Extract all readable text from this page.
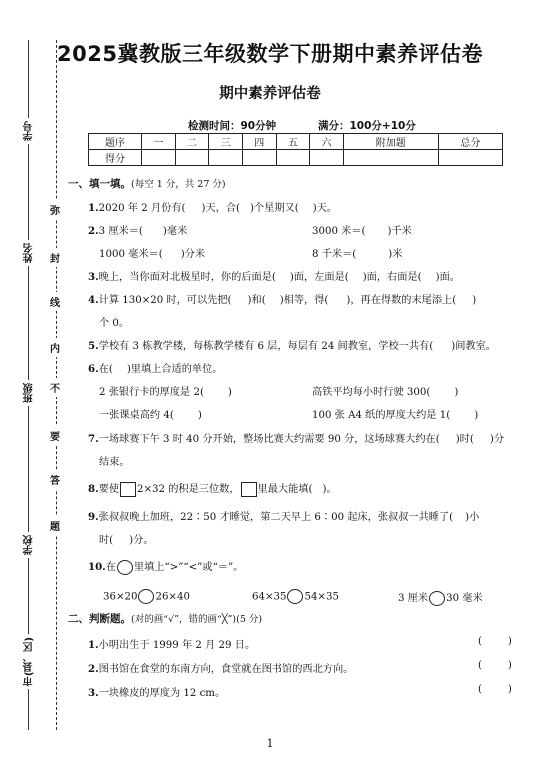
学号
姓名
班级
学校
市(县、区)
弥
封
线
内
不
要
答
题
2025冀教版三年级数学下册期中素养评估卷
期中素养评估卷
检测时间：90分钟	满分：100分+10分
题序	一	二	三	四	五	六	附加题	总分
得分								
一、填一填。(每空 1 分，共 27 分)
1.2020 年 2 月份有( )天，合( )个星期又( )天。
2.3 厘米＝( )毫米	3000 米＝( )千米
1000 毫米＝( )分米	8 千米＝(	)米
3.晚上，当你面对北极星时，你的后面是( )面，左面是( )面，右面是( )面。
4.计算 130×20 时，可以先把( )和( )相等，得( )，再在得数的末尾添上( )
个 0。
5.学校有 3 栋教学楼，每栋教学楼有 6 层，每层有 24 间教室，学校一共有( )间教室。
6.在( )里填上合适的单位。
2 张银行卡的厚度是 2( )	高铁平均每小时行驶 300( )
一张课桌高约 4( )	100 张 A4 纸的厚度大约是 1( )
7.一场球赛下午 3 时 40 分开始，整场比赛大约需要 90 分，这场球赛大约在( )时( )分
结束。
8.要使 2×32 的积是三位数， 里最大能填( )。
9.张叔叔晚上加班，22∶50 才睡觉，第二天早上 6∶00 起床，张叔叔一共睡了( )小
时( )分。
10.在 里填上“>”“<”或“＝”。
36×20 26×40	64×35 54×35	3 厘米 30 毫米
二、判断题。(对的画“√”，错的画“╳”)(5 分)
1.小明出生于 1999 年 2 月 29 日。	(        )
2.图书馆在食堂的东南方向，食堂就在图书馆的西北方向。	(        )
3.一块橡皮的厚度为 12 cm。	(        )
1
